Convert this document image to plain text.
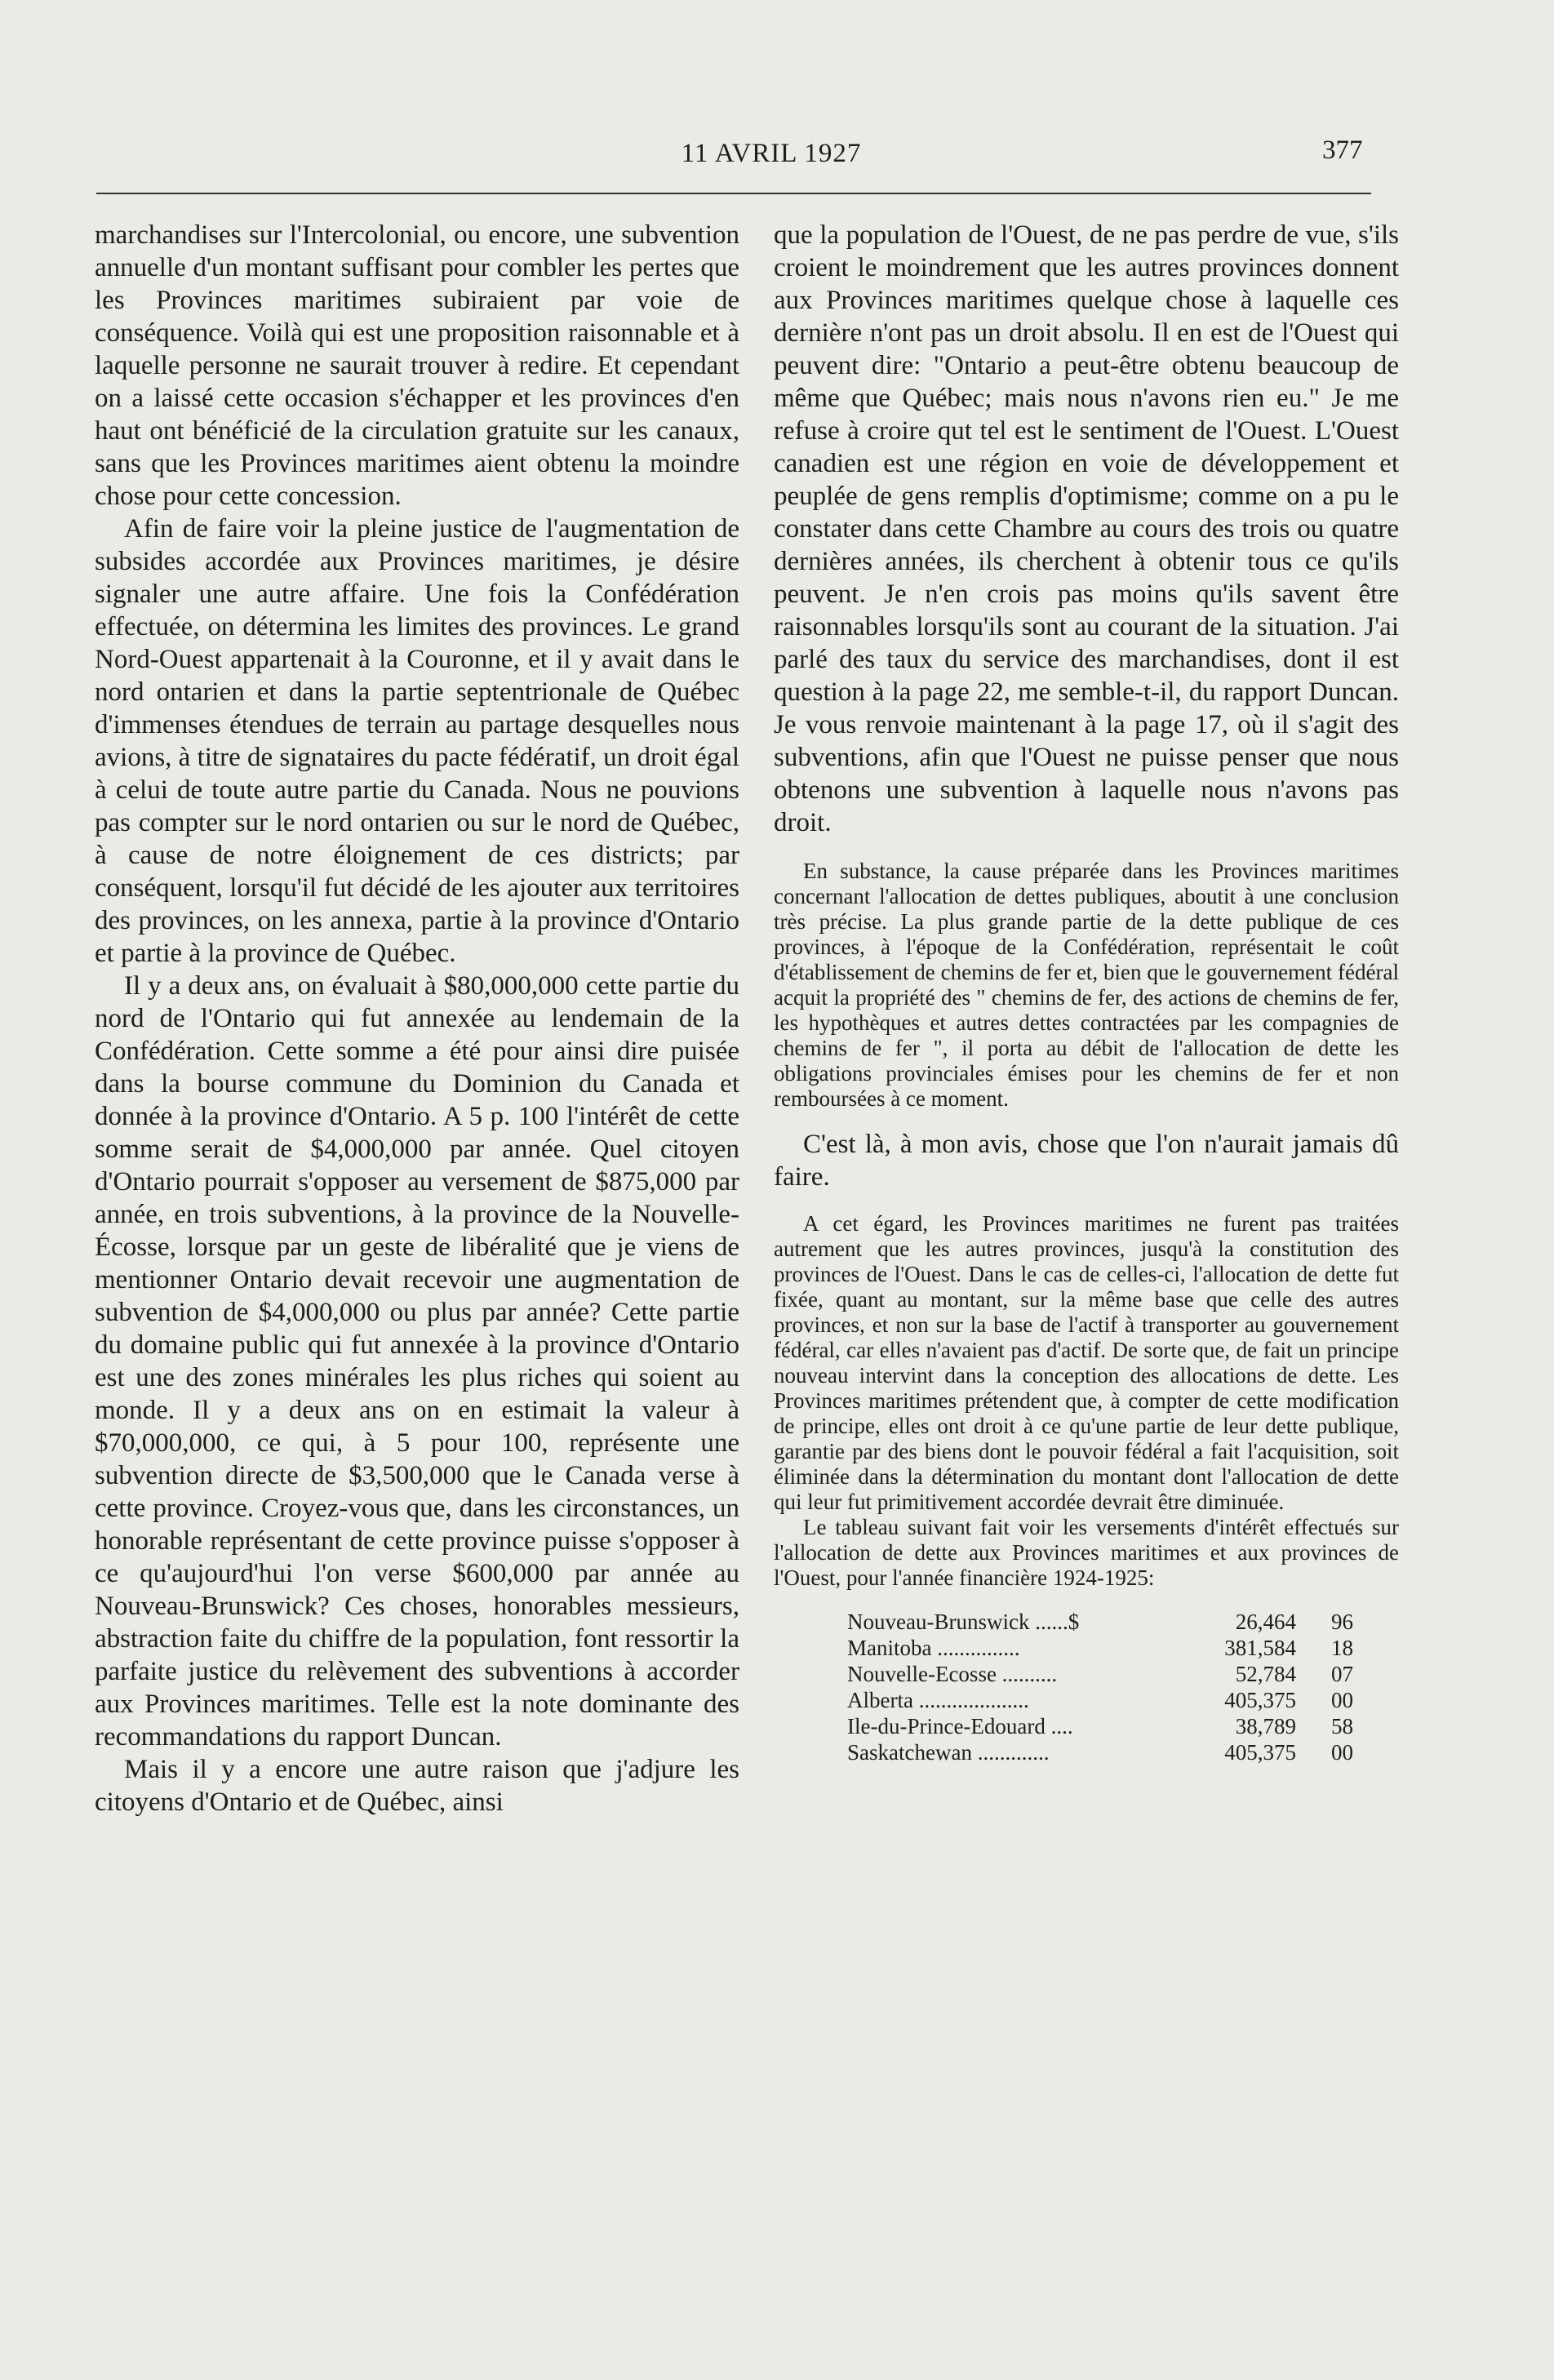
11 AVRIL 1927	377

marchandises sur l'Intercolonial, ou encore, une subvention annuelle d'un montant suffisant pour combler les pertes que les Provinces maritimes subiraient par voie de conséquence. Voilà qui est une proposition raisonnable et à laquelle personne ne saurait trouver à redire. Et cependant on a laissé cette occasion s'échapper et les provinces d'en haut ont bénéficié de la circulation gratuite sur les canaux, sans que les Provinces maritimes aient obtenu la moindre chose pour cette concession.

Afin de faire voir la pleine justice de l'augmentation de subsides accordée aux Provinces maritimes, je désire signaler une autre affaire. Une fois la Confédération effectuée, on détermina les limites des provinces. Le grand Nord-Ouest appartenait à la Couronne, et il y avait dans le nord ontarien et dans la partie septentrionale de Québec d'immenses étendues de terrain au partage desquelles nous avions, à titre de signataires du pacte fédératif, un droit égal à celui de toute autre partie du Canada. Nous ne pouvions pas compter sur le nord ontarien ou sur le nord de Québec, à cause de notre éloignement de ces districts; par conséquent, lorsqu'il fut décidé de les ajouter aux territoires des provinces, on les annexa, partie à la province d'Ontario et partie à la province de Québec.

Il y a deux ans, on évaluait à $80,000,000 cette partie du nord de l'Ontario qui fut annexée au lendemain de la Confédération. Cette somme a été pour ainsi dire puisée dans la bourse commune du Dominion du Canada et donnée à la province d'Ontario. A 5 p. 100 l'intérêt de cette somme serait de $4,000,000 par année. Quel citoyen d'Ontario pourrait s'opposer au versement de $875,000 par année, en trois subventions, à la province de la Nouvelle-Écosse, lorsque par un geste de libéralité que je viens de mentionner Ontario devait recevoir une augmentation de subvention de $4,000,000 ou plus par année? Cette partie du domaine public qui fut annexée à la province d'Ontario est une des zones minérales les plus riches qui soient au monde. Il y a deux ans on en estimait la valeur à $70,000,000, ce qui, à 5 pour 100, représente une subvention directe de $3,500,000 que le Canada verse à cette province. Croyez-vous que, dans les circonstances, un honorable représentant de cette province puisse s'opposer à ce qu'aujourd'hui l'on verse $600,000 par année au Nouveau-Brunswick? Ces choses, honorables messieurs, abstraction faite du chiffre de la population, font ressortir la parfaite justice du relèvement des subventions à accorder aux Provinces maritimes. Telle est la note dominante des recommandations du rapport Duncan.

Mais il y a encore une autre raison que j'adjure les citoyens d'Ontario et de Québec, ainsi

que la population de l'Ouest, de ne pas perdre de vue, s'ils croient le moindrement que les autres provinces donnent aux Provinces maritimes quelque chose à laquelle ces dernière n'ont pas un droit absolu. Il en est de l'Ouest qui peuvent dire: "Ontario a peut-être obtenu beaucoup de même que Québec; mais nous n'avons rien eu." Je me refuse à croire qut tel est le sentiment de l'Ouest. L'Ouest canadien est une région en voie de développement et peuplée de gens remplis d'optimisme; comme on a pu le constater dans cette Chambre au cours des trois ou quatre dernières années, ils cherchent à obtenir tous ce qu'ils peuvent. Je n'en crois pas moins qu'ils savent être raisonnables lorsqu'ils sont au courant de la situation. J'ai parlé des taux du service des marchandises, dont il est question à la page 22, me semble-t-il, du rapport Duncan. Je vous renvoie maintenant à la page 17, où il s'agit des subventions, afin que l'Ouest ne puisse penser que nous obtenons une subvention à laquelle nous n'avons pas droit.

En substance, la cause préparée dans les Provinces maritimes concernant l'allocation de dettes publiques, aboutit à une conclusion très précise. La plus grande partie de la dette publique de ces provinces, à l'époque de la Confédération, représentait le coût d'établissement de chemins de fer et, bien que le gouvernement fédéral acquit la propriété des " chemins de fer, des actions de chemins de fer, les hypothèques et autres dettes contractées par les compagnies de chemins de fer ", il porta au débit de l'allocation de dette les obligations provinciales émises pour les chemins de fer et non remboursées à ce moment.

C'est là, à mon avis, chose que l'on n'aurait jamais dû faire.

A cet égard, les Provinces maritimes ne furent pas traitées autrement que les autres provinces, jusqu'à la constitution des provinces de l'Ouest. Dans le cas de celles-ci, l'allocation de dette fut fixée, quant au montant, sur la même base que celle des autres provinces, et non sur la base de l'actif à transporter au gouvernement fédéral, car elles n'avaient pas d'actif. De sorte que, de fait un principe nouveau intervint dans la conception des allocations de dette. Les Provinces maritimes prétendent que, à compter de cette modification de principe, elles ont droit à ce qu'une partie de leur dette publique, garantie par des biens dont le pouvoir fédéral a fait l'acquisition, soit éliminée dans la détermination du montant dont l'allocation de dette qui leur fut primitivement accordée devrait être diminuée.

Le tableau suivant fait voir les versements d'intérêt effectués sur l'allocation de dette aux Provinces maritimes et aux provinces de l'Ouest, pour l'année financière 1924-1925:

Nouveau-Brunswick ......$	26,464	96
Manitoba ...............	381,584	18
Nouvelle-Ecosse ..........	52,784	07
Alberta ....................	405,375	00
Ile-du-Prince-Edouard ....	38,789	58
Saskatchewan .............	405,375	00
